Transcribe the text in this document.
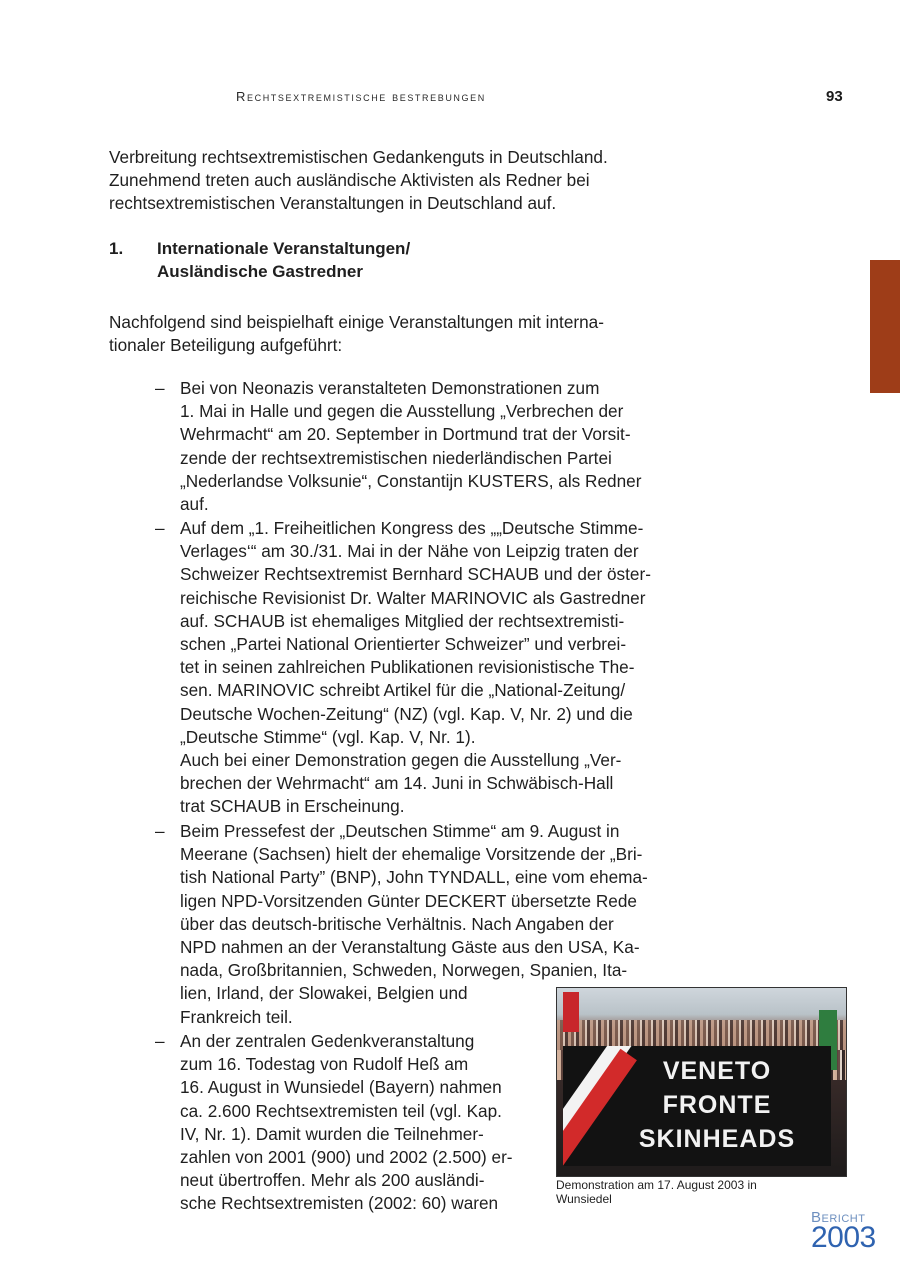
Rechtsextremistische bestrebungen	93
Verbreitung rechtsextremistischen Gedankenguts in Deutschland.
Zunehmend treten auch ausländische Aktivisten als Redner bei
rechtsextremistischen Veranstaltungen in Deutschland auf.
1. Internationale Veranstaltungen/
Ausländische Gastredner
Nachfolgend sind beispielhaft einige Veranstaltungen mit interna-
tionaler Beteiligung aufgeführt:
– Bei von Neonazis veranstalteten Demonstrationen zum
1. Mai in Halle und gegen die Ausstellung „Verbrechen der
Wehrmacht“ am 20. September in Dortmund trat der Vorsit-
zende der rechtsextremistischen niederländischen Partei
„Nederlandse Volksunie“, Constantijn KUSTERS, als Redner
auf.
– Auf dem „1. Freiheitlichen Kongress des „„Deutsche Stimme-
Verlages‘“ am 30./31. Mai in der Nähe von Leipzig traten der
Schweizer Rechtsextremist Bernhard SCHAUB und der öster-
reichische Revisionist Dr. Walter MARINOVIC als Gastredner
auf. SCHAUB ist ehemaliges Mitglied der rechtsextremisti-
schen „Partei National Orientierter Schweizer” und verbrei-
tet in seinen zahlreichen Publikationen revisionistische The-
sen. MARINOVIC schreibt Artikel für die „National-Zeitung/
Deutsche Wochen-Zeitung“ (NZ) (vgl. Kap. V, Nr. 2) und die
„Deutsche Stimme“ (vgl. Kap. V, Nr. 1).
Auch bei einer Demonstration gegen die Ausstellung „Ver-
brechen der Wehrmacht“ am 14. Juni in Schwäbisch-Hall
trat SCHAUB in Erscheinung.
– Beim Pressefest der „Deutschen Stimme“ am 9. August in
Meerane (Sachsen) hielt der ehemalige Vorsitzende der „Bri-
tish National Party” (BNP), John TYNDALL, eine vom ehema-
ligen NPD-Vorsitzenden Günter DECKERT übersetzte Rede
über das deutsch-britische Verhältnis. Nach Angaben der
NPD nahmen an der Veranstaltung Gäste aus den USA, Ka-
nada, Großbritannien, Schweden, Norwegen, Spanien, Ita-
lien, Irland, der Slowakei, Belgien und
Frankreich teil.
– An der zentralen Gedenkveranstaltung
zum 16. Todestag von Rudolf Heß am
16. August in Wunsiedel (Bayern) nahmen
ca. 2.600 Rechtsextremisten teil (vgl. Kap.
IV, Nr. 1). Damit wurden die Teilnehmer-
zahlen von 2001 (900) und 2002 (2.500) er-
neut übertroffen. Mehr als 200 ausländi-
sche Rechtsextremisten (2002: 60) waren
VENETO
FRONTE
SKINHEADS
Demonstration am 17. August 2003 in
Wunsiedel
Bericht
2003
